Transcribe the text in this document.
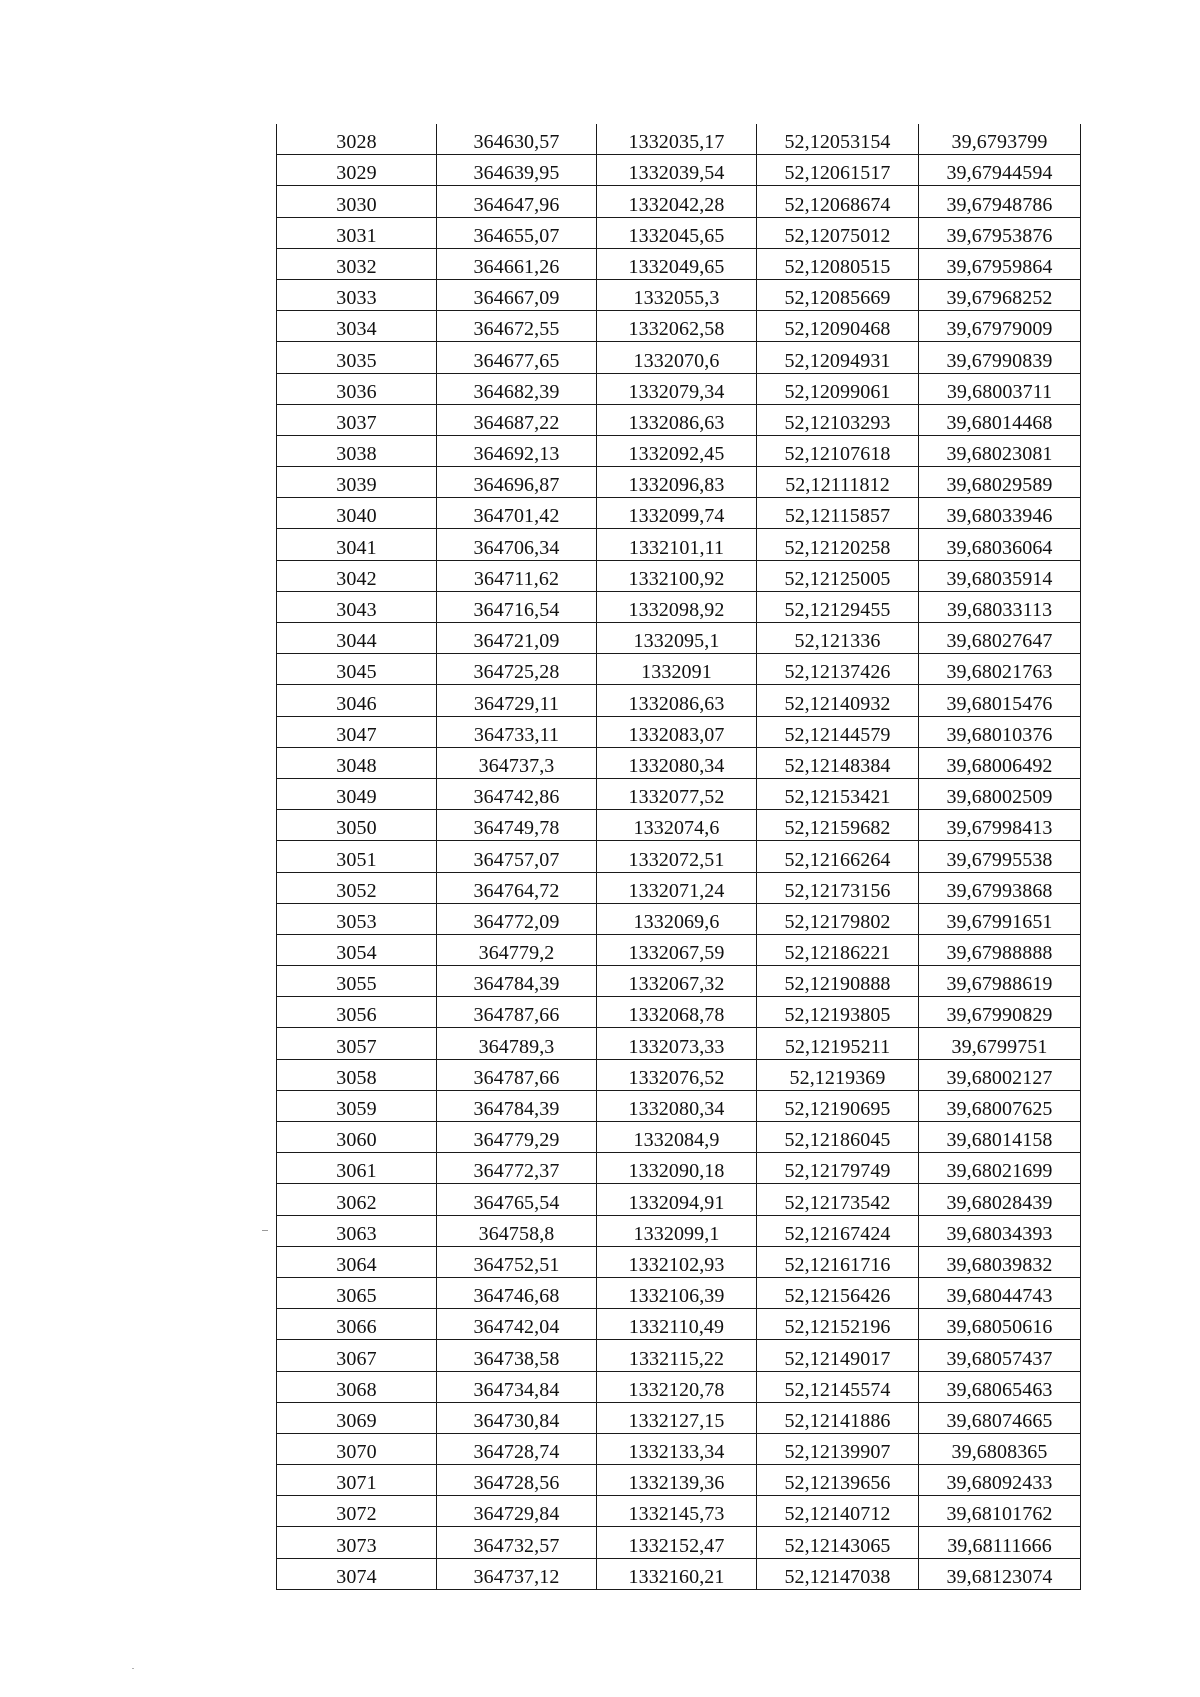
3028	364630,57	1332035,17	52,12053154	39,6793799
3029	364639,95	1332039,54	52,12061517	39,67944594
3030	364647,96	1332042,28	52,12068674	39,67948786
3031	364655,07	1332045,65	52,12075012	39,67953876
3032	364661,26	1332049,65	52,12080515	39,67959864
3033	364667,09	1332055,3	52,12085669	39,67968252
3034	364672,55	1332062,58	52,12090468	39,67979009
3035	364677,65	1332070,6	52,12094931	39,67990839
3036	364682,39	1332079,34	52,12099061	39,68003711
3037	364687,22	1332086,63	52,12103293	39,68014468
3038	364692,13	1332092,45	52,12107618	39,68023081
3039	364696,87	1332096,83	52,12111812	39,68029589
3040	364701,42	1332099,74	52,12115857	39,68033946
3041	364706,34	1332101,11	52,12120258	39,68036064
3042	364711,62	1332100,92	52,12125005	39,68035914
3043	364716,54	1332098,92	52,12129455	39,68033113
3044	364721,09	1332095,1	52,121336	39,68027647
3045	364725,28	1332091	52,12137426	39,68021763
3046	364729,11	1332086,63	52,12140932	39,68015476
3047	364733,11	1332083,07	52,12144579	39,68010376
3048	364737,3	1332080,34	52,12148384	39,68006492
3049	364742,86	1332077,52	52,12153421	39,68002509
3050	364749,78	1332074,6	52,12159682	39,67998413
3051	364757,07	1332072,51	52,12166264	39,67995538
3052	364764,72	1332071,24	52,12173156	39,67993868
3053	364772,09	1332069,6	52,12179802	39,67991651
3054	364779,2	1332067,59	52,12186221	39,67988888
3055	364784,39	1332067,32	52,12190888	39,67988619
3056	364787,66	1332068,78	52,12193805	39,67990829
3057	364789,3	1332073,33	52,12195211	39,6799751
3058	364787,66	1332076,52	52,1219369	39,68002127
3059	364784,39	1332080,34	52,12190695	39,68007625
3060	364779,29	1332084,9	52,12186045	39,68014158
3061	364772,37	1332090,18	52,12179749	39,68021699
3062	364765,54	1332094,91	52,12173542	39,68028439
3063	364758,8	1332099,1	52,12167424	39,68034393
3064	364752,51	1332102,93	52,12161716	39,68039832
3065	364746,68	1332106,39	52,12156426	39,68044743
3066	364742,04	1332110,49	52,12152196	39,68050616
3067	364738,58	1332115,22	52,12149017	39,68057437
3068	364734,84	1332120,78	52,12145574	39,68065463
3069	364730,84	1332127,15	52,12141886	39,68074665
3070	364728,74	1332133,34	52,12139907	39,6808365
3071	364728,56	1332139,36	52,12139656	39,68092433
3072	364729,84	1332145,73	52,12140712	39,68101762
3073	364732,57	1332152,47	52,12143065	39,68111666
3074	364737,12	1332160,21	52,12147038	39,68123074
